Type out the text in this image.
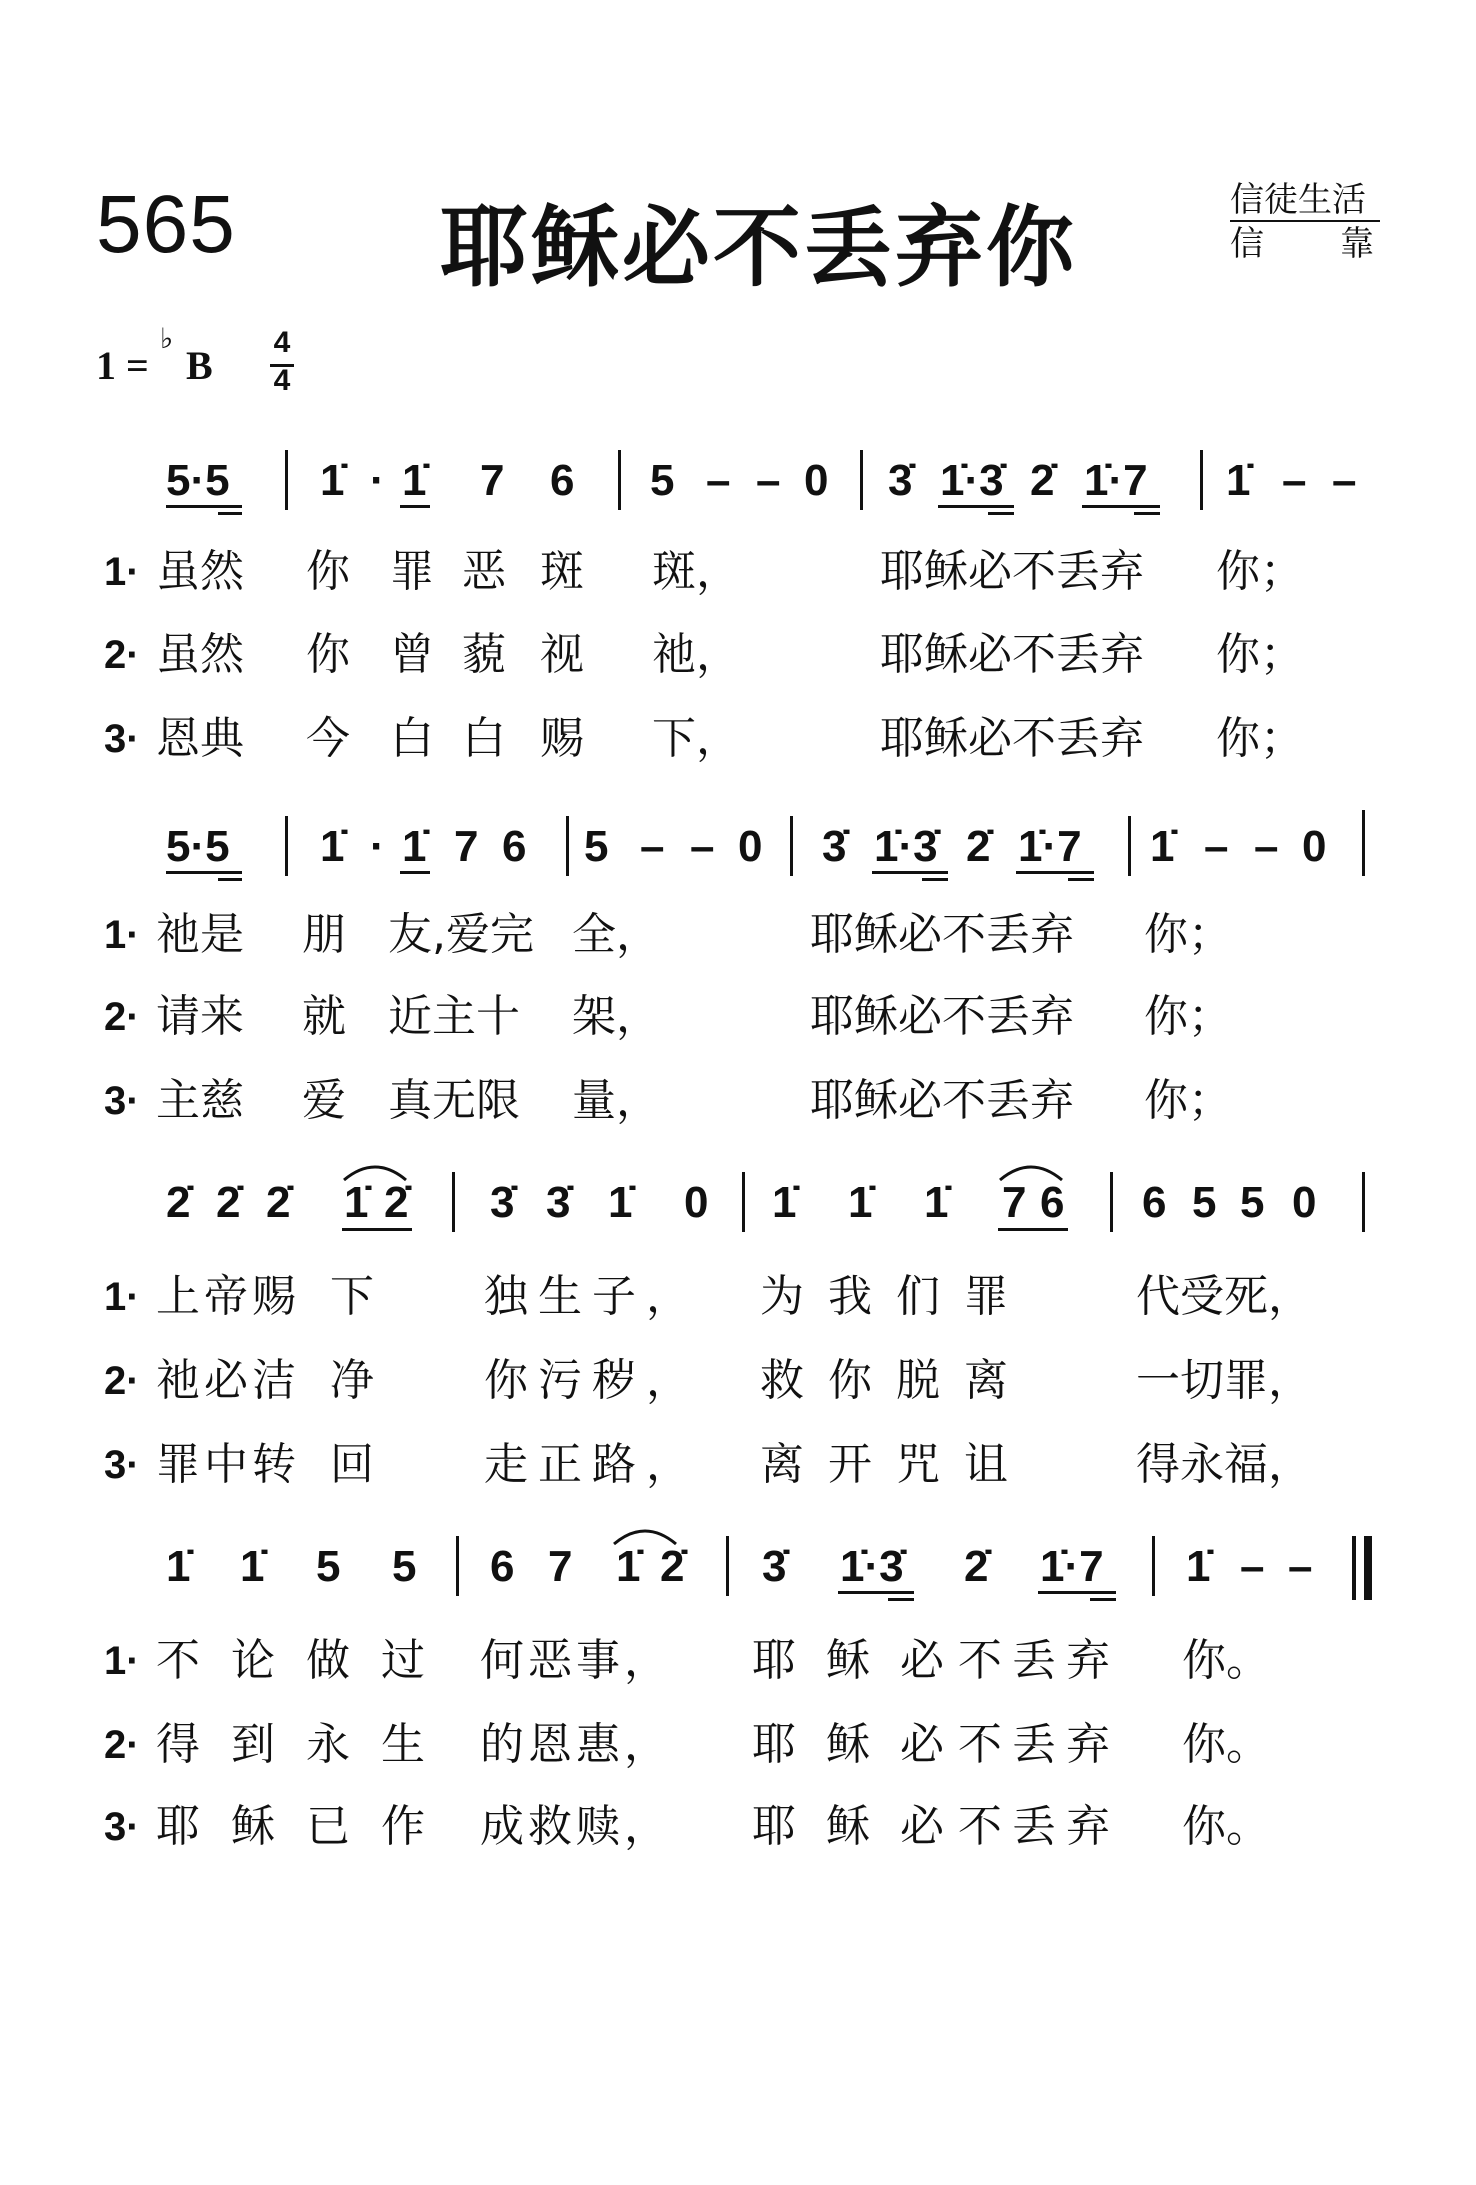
565 耶稣必不丢弃你	信徒生活
信 靠
1 =
♭
B
4
4
5·5 1̇ · 1̇ 7 6 5 – – 0 3̇ 1̇·3̇ 2̇ 1̇·7 1̇ – –
1· 虽然 你 罪 恶 斑 斑，	耶稣必不丢弃 你；
2· 虽然 你 曾 藐 视 祂，	耶稣必不丢弃 你；
3· 恩典 今 白 白 赐 下，	耶稣必不丢弃 你；
5·5 1̇ · 1̇ 7 6 5 – – 0 3̇ 1̇·3̇ 2̇ 1̇·7 1̇ – – 0
1· 祂是 朋 友,爱完 全，	耶稣必不丢弃 你；
2· 请来 就 近主十 架，	耶稣必不丢弃 你；
3· 主慈 爱 真无限 量，	耶稣必不丢弃 你；
2̇ 2̇ 2̇ 1̇ 2̇ 3̇ 3̇ 1̇ 0 1̇ 1̇ 1̇ 7 6 6 5 5 0
1· 上帝赐 下	独生子， 为我们罪 代受死，
2· 祂必洁 净	你污秽， 救你脱离 一切罪，
3· 罪中转 回	走正路， 离开咒诅 得永福，
1̇ 1̇ 5 5 6 7 1̇ 2̇ 3̇ 1̇·3̇ 2̇ 1̇·7 1̇ – –
1· 不论做过 何恶事， 耶稣必
不丢弃 你。
2· 得到永生 的恩惠， 耶稣必
不丢弃 你。
3· 耶稣已作 成救赎， 耶稣必
不丢弃 你。
